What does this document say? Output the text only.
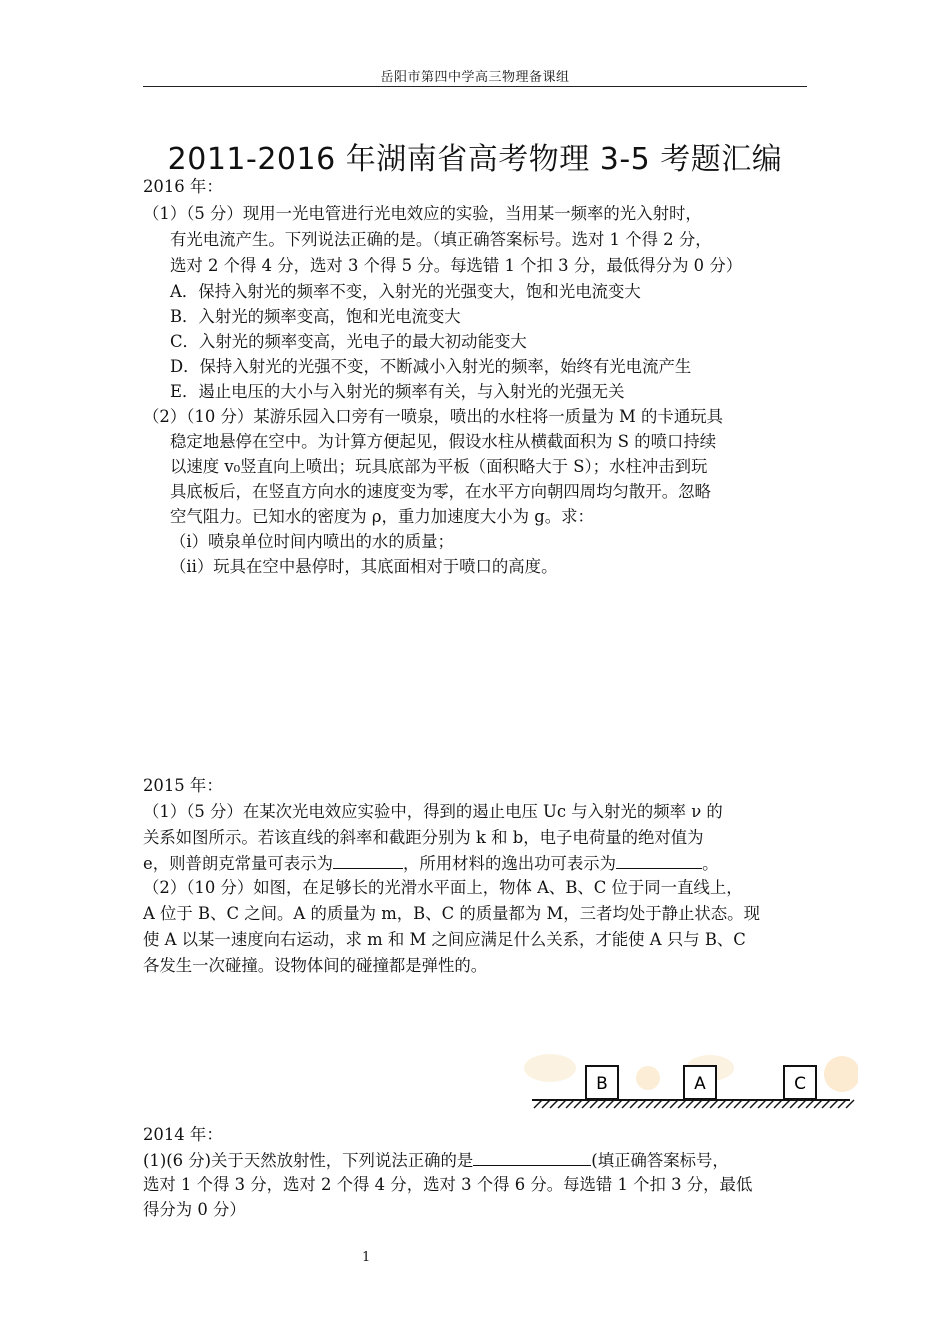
岳阳市第四中学高三物理备课组
2011-2016 年湖南省高考物理 3-5 考题汇编
2016 年：
（1）（5 分）现用一光电管进行光电效应的实验，当用某一频率的光入射时，
有光电流产生。下列说法正确的是。（填正确答案标号。选对 1 个得 2 分，
选对 2 个得 4 分，选对 3 个得 5 分。每选错 1 个扣 3 分，最低得分为 0 分）
A．保持入射光的频率不变，入射光的光强变大，饱和光电流变大
B．入射光的频率变高，饱和光电流变大
C．入射光的频率变高，光电子的最大初动能变大
D．保持入射光的光强不变，不断减小入射光的频率，始终有光电流产生
E．遏止电压的大小与入射光的频率有关，与入射光的光强无关
（2）（10 分）某游乐园入口旁有一喷泉，喷出的水柱将一质量为 M 的卡通玩具
稳定地悬停在空中。为计算方便起见，假设水柱从横截面积为 S 的喷口持续
以速度 v₀竖直向上喷出；玩具底部为平板（面积略大于 S）；水柱冲击到玩
具底板后，在竖直方向水的速度变为零，在水平方向朝四周均匀散开。忽略
空气阻力。已知水的密度为 ρ，重力加速度大小为 g。求：
（i）喷泉单位时间内喷出的水的质量；
（ii）玩具在空中悬停时，其底面相对于喷口的高度。
2015 年：
（1）（5 分）在某次光电效应实验中，得到的遏止电压 Uc 与入射光的频率 ν 的
关系如图所示。若该直线的斜率和截距分别为 k 和 b，电子电荷量的绝对值为
e，则普朗克常量可表示为	，所用材料的逸出功可表示为	。
（2）（10 分）如图，在足够长的光滑水平面上，物体 A、B、C 位于同一直线上，
A 位于 B、C 之间。A 的质量为 m，B、C 的质量都为 M，三者均处于静止状态。现
使 A 以某一速度向右运动，求 m 和 M 之间应满足什么关系，才能使 A 只与 B、C
各发生一次碰撞。设物体间的碰撞都是弹性的。
B	A	C
2014 年：
(1)(6 分)关于天然放射性，下列说法正确的是	(填正确答案标号，
选对 1 个得 3 分，选对 2 个得 4 分，选对 3 个得 6 分。每选错 1 个扣 3 分，最低
得分为 0 分）
1
